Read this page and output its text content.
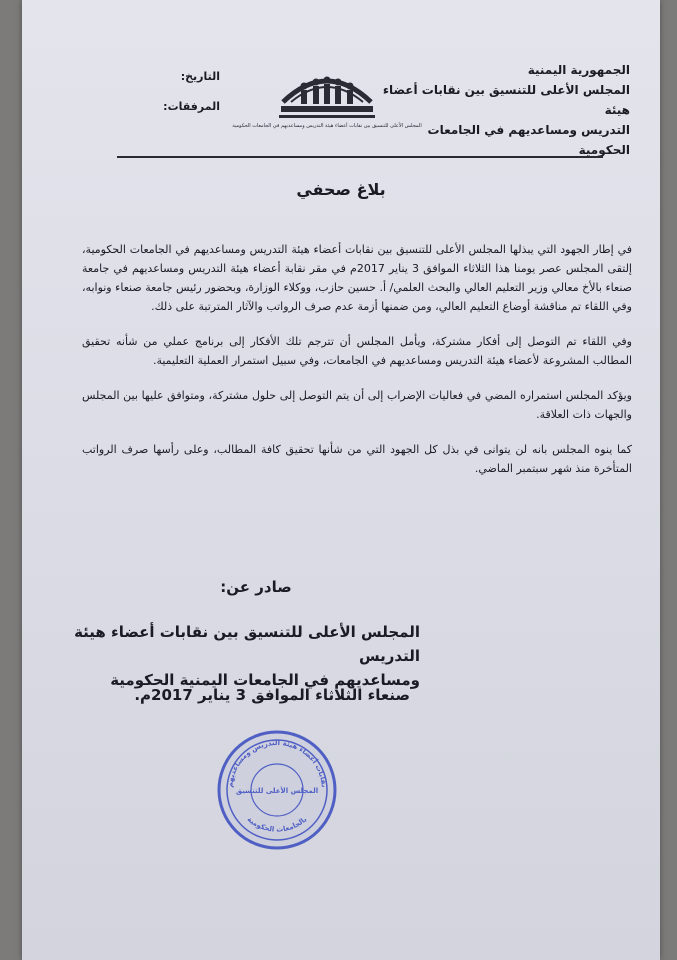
الجمهورية اليمنية
المجلس الأعلى للتنسيق بين نقابات أعضاء هيئة
التدريس ومساعديهم في الجامعات الحكومية
المجلس الأعلى للتنسيق بين نقابات أعضاء هيئة التدريس ومساعديهم في الجامعات الحكومية
التاريخ:
المرفقات:
بلاغ صحفي

في إطار الجهود التي يبذلها المجلس الأعلى للتنسيق بين نقابات أعضاء هيئة التدريس ومساعديهم في الجامعات الحكومية، إلتقى المجلس عصر يومنا هذا الثلاثاء الموافق 3 يناير 2017م في مقر نقابة أعضاء هيئة التدريس ومساعديهم في جامعة صنعاء بالأخ معالي وزير التعليم العالي والبحث العلمي/ أ. حسين حازب، ووكلاء الوزارة، وبحضور رئيس جامعة صنعاء ونوابه، وفي اللقاء تم مناقشة أوضاع التعليم العالي، ومن ضمنها أزمة عدم صرف الرواتب والآثار المترتبة على ذلك.

وفي اللقاء تم التوصل إلى أفكار مشتركة، ويأمل المجلس أن تترجم تلك الأفكار إلى برنامج عملي من شأنه تحقيق المطالب المشروعة لأعضاء هيئة التدريس ومساعديهم في الجامعات، وفي سبيل استمرار العملية التعليمية.

ويؤكد المجلس استمراره المضي في فعاليات الإضراب إلى أن يتم التوصل إلى حلول مشتركة، ومتوافق عليها بين المجلس والجهات ذات العلاقة.

كما ينوه المجلس بانه لن يتوانى في بذل كل الجهود التي من شأنها تحقيق كافة المطالب، وعلى رأسها صرف الرواتب المتأخرة منذ شهر سبتمبر الماضي.

صادر عن:
المجلس الأعلى للتنسيق بين نقابات أعضاء هيئة التدريس
ومساعديهم في الجامعات اليمنية الحكومية
صنعاء الثلاثاء الموافق 3 يناير 2017م.
نقابات أعضاء هيئة التدريس ومساعديهم
المجلس الأعلى للتنسيق
بالجامعات الحكومية
